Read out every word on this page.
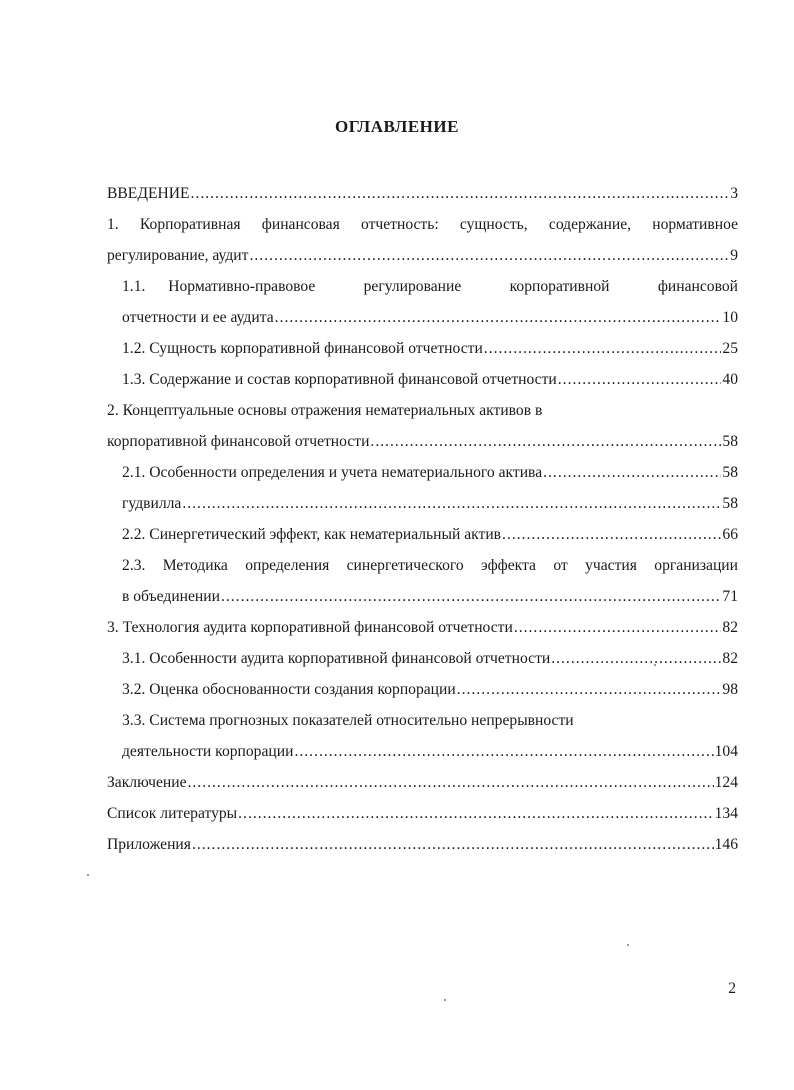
ОГЛАВЛЕНИЕ
ВВЕДЕНИЕ .....	3
1. Корпоративная финансовая отчетность: сущность, содержание, нормативное
регулирование, аудит .....	9
1.1.	Нормативно-правовое регулирование корпоративной финансовой
отчетности и ее аудита .....	10
1.2. Сущность корпоративной финансовой отчетности .....	25
1.3. Содержание и состав корпоративной финансовой отчетности .....	40
2. Концептуальные основы отражения нематериальных активов в
корпоративной финансовой отчетности .....	58
2.1. Особенности определения и учета нематериального актива .....	58
гудвилла .....	58
2.2. Синергетический эффект, как нематериальный актив .....	66
2.3. Методика определения синергетического эффекта от участия организации
в объединении .....	71
3. Технология аудита корпоративной финансовой отчетности .....	82
3.1. Особенности аудита корпоративной финансовой отчетности .....	82
3.2. Оценка обоснованности создания корпорации .....	98
3.3. Система прогнозных показателей относительно непрерывности
деятельности корпорации .....	104
Заключение .....	124
Список литературы .....	134
Приложения .....	146
2
